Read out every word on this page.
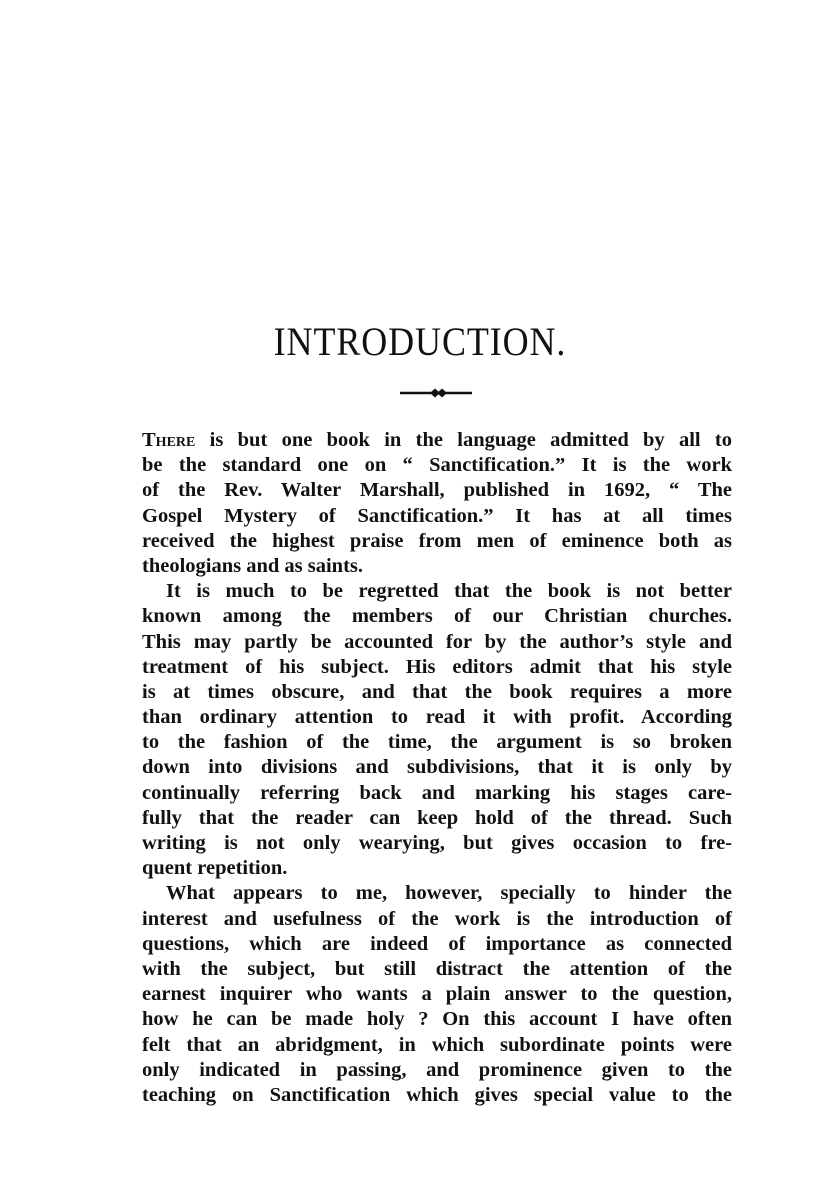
INTRODUCTION.
There is but one book in the language admitted by all to
be the standard one on “ Sanctification.” It is the work
of the Rev. Walter Marshall, published in 1692, “ The
Gospel Mystery of Sanctification.” It has at all times
received the highest praise from men of eminence both as
theologians and as saints.
It is much to be regretted that the book is not better
known among the members of our Christian churches.
This may partly be accounted for by the author’s style and
treatment of his subject. His editors admit that his style
is at times obscure, and that the book requires a more
than ordinary attention to read it with profit. According
to the fashion of the time, the argument is so broken
down into divisions and subdivisions, that it is only by
continually referring back and marking his stages care-
fully that the reader can keep hold of the thread. Such
writing is not only wearying, but gives occasion to fre-
quent repetition.
What appears to me, however, specially to hinder the
interest and usefulness of the work is the introduction of
questions, which are indeed of importance as connected
with the subject, but still distract the attention of the
earnest inquirer who wants a plain answer to the question,
how he can be made holy ? On this account I have often
felt that an abridgment, in which subordinate points were
only indicated in passing, and prominence given to the
teaching on Sanctification which gives special value to the
